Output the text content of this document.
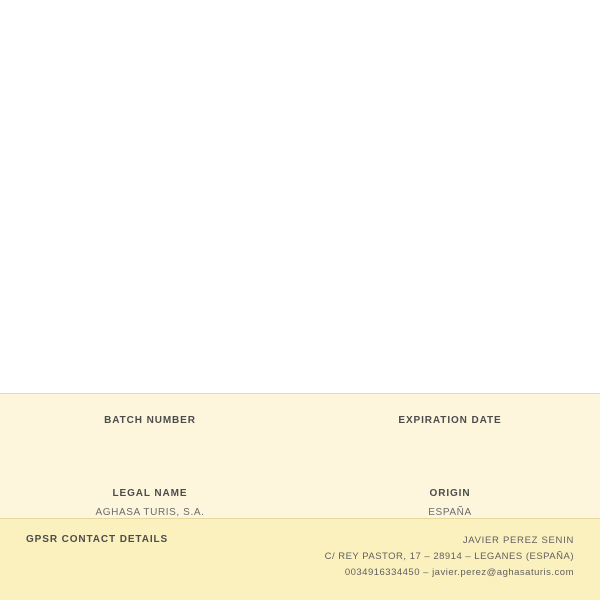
BATCH NUMBER	EXPIRATION DATE
LEGAL NAME
AGHASA TURIS, S.A.
ORIGIN
ESPAÑA
GPSR CONTACT DETAILS	JAVIER PEREZ SENIN
C/ REY PASTOR, 17 – 28914 – LEGANES (ESPAÑA)
0034916334450 – javier.perez@aghasaturis.com
